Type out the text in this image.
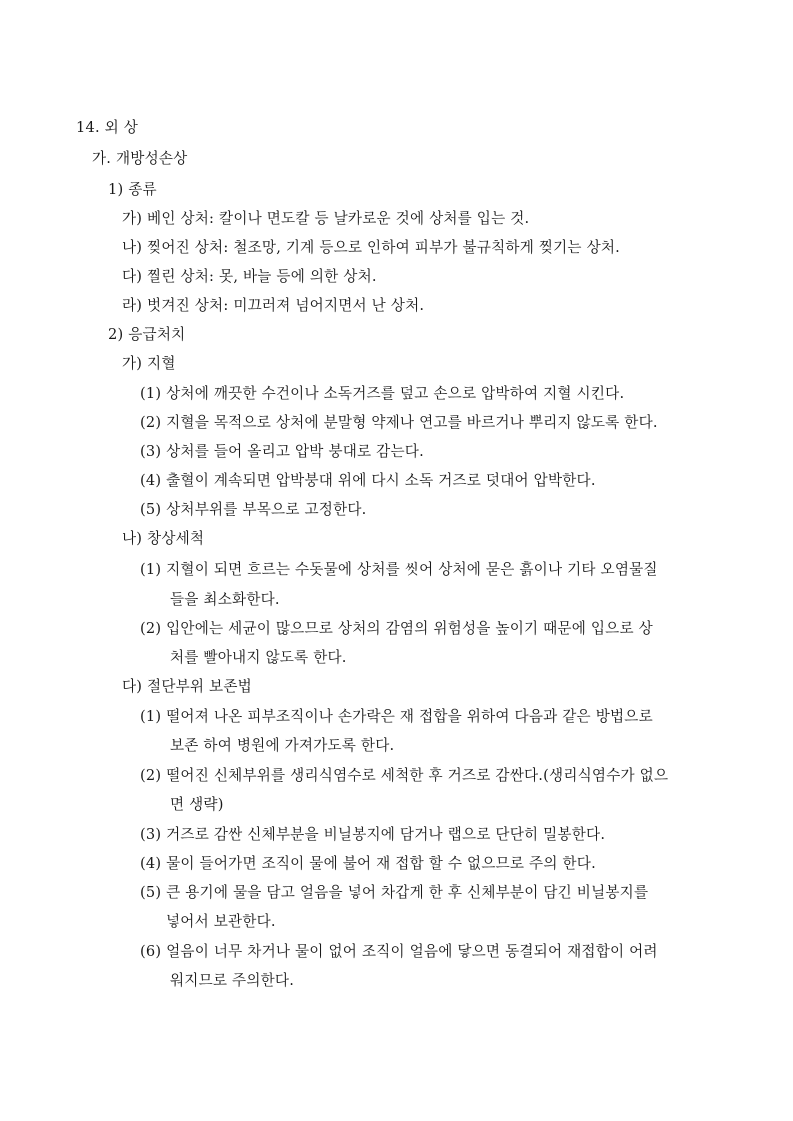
14. 외 상
가. 개방성손상
1) 종류
가) 베인 상처: 칼이나 면도칼 등 날카로운 것에 상처를 입는 것.
나) 찢어진 상처: 철조망, 기계 등으로 인하여 피부가 불규칙하게 찢기는 상처.
다) 찔린 상처: 못, 바늘 등에 의한 상처.
라) 벗겨진 상처: 미끄러져 넘어지면서 난 상처.
2) 응급처치
가) 지혈
(1) 상처에 깨끗한 수건이나 소독거즈를 덮고 손으로 압박하여 지혈 시킨다.
(2) 지혈을 목적으로 상처에 분말형 약제나 연고를 바르거나 뿌리지 않도록 한다.
(3) 상처를 들어 올리고 압박 붕대로 감는다.
(4) 출혈이 계속되면 압박붕대 위에 다시 소독 거즈로 덧대어 압박한다.
(5) 상처부위를 부목으로 고정한다.
나) 창상세척
(1) 지혈이 되면 흐르는 수돗물에 상처를 씻어 상처에 묻은 흙이나 기타 오염물질
들을 최소화한다.
(2) 입안에는 세균이 많으므로 상처의 감염의 위험성을 높이기 때문에 입으로 상
처를 빨아내지 않도록 한다.
다) 절단부위 보존법
(1) 떨어져 나온 피부조직이나 손가락은 재 접합을 위하여 다음과 같은 방법으로
보존 하여 병원에 가져가도록 한다.
(2) 떨어진 신체부위를 생리식염수로 세척한 후 거즈로 감싼다.(생리식염수가 없으
면 생략)
(3) 거즈로 감싼 신체부분을 비닐봉지에 담거나 랩으로 단단히 밀봉한다.
(4) 물이 들어가면 조직이 물에 불어 재 접합 할 수 없으므로 주의 한다.
(5) 큰 용기에 물을 담고 얼음을 넣어 차갑게 한 후 신체부분이 담긴 비닐봉지를
넣어서 보관한다.
(6) 얼음이 너무 차거나 물이 없어 조직이 얼음에 닿으면 동결되어 재접합이 어려
워지므로 주의한다.
